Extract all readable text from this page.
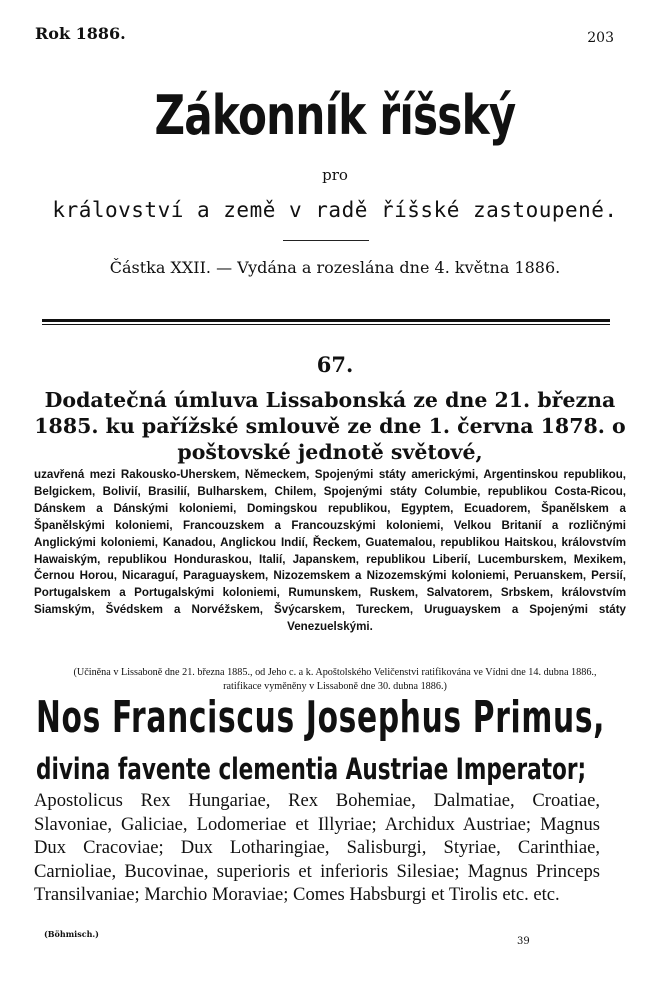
Rok 1886.	203
Zákonník říšský
pro
království a země v radě říšské zastoupené.
Částka XXII. — Vydána a rozeslána dne 4. května 1886.
67.
Dodatečná úmluva Lissabonská ze dne 21. března 1885. ku pařížské smlouvě ze dne 1. června 1878. o poštovské jednotě světové,
uzavřená mezi Rakousko-Uherskem, Německem, Spojenými státy americkými, Argentinskou republikou, Belgickem, Bolivií, Brasilií, Bulharskem, Chilem, Spojenými státy Columbie, republikou Costa-Ricou, Dánskem a Dánskými koloniemi, Domingskou republikou, Egyptem, Ecuadorem, Španělskem a Španělskými koloniemi, Francouzskem a Francouzskými koloniemi, Velkou Britanií a rozličnými Anglickými koloniemi, Kanadou, Anglickou Indií, Řeckem, Guatemalou, republikou Haitskou, královstvím Hawaiským, republikou Honduraskou, Italií, Japanskem, republikou Liberií, Lucemburskem, Mexikem, Černou Horou, Nicaraguí, Paraguayskem, Nizozemskem a Nizozemskými koloniemi, Peruanskem, Persií, Portugalskem a Portugalskými koloniemi, Rumunskem, Ruskem, Salvatorem, Srbskem, královstvím Siamským, Švédskem a Norvéžskem, Švýcarskem, Tureckem, Uruguayskem a Spojenými státy Venezuelskými.
(Učiněna v Lissaboně dne 21. března 1885., od Jeho c. a k. Apoštolského Veličenstvi ratifikována ve Vídni dne 14. dubna 1886., ratifikace vyměněny v Lissaboně dne 30. dubna 1886.)
Nos Franciscus Josephus Primus,
divina favente clementia Austriae Imperator;
Apostolicus Rex Hungariae, Rex Bohemiae, Dalmatiae, Croatiae, Slavoniae, Galiciae, Lodomeriae et Illyriae; Archidux Austriae; Magnus Dux Cracoviae; Dux Lotharingiae, Salisburgi, Styriae, Carinthiae, Carnioliae, Bucovinae, superioris et inferioris Silesiae; Magnus Princeps Transilvaniae; Marchio Moraviae; Comes Habsburgi et Tirolis etc. etc.
(Böhmisch.)
39
